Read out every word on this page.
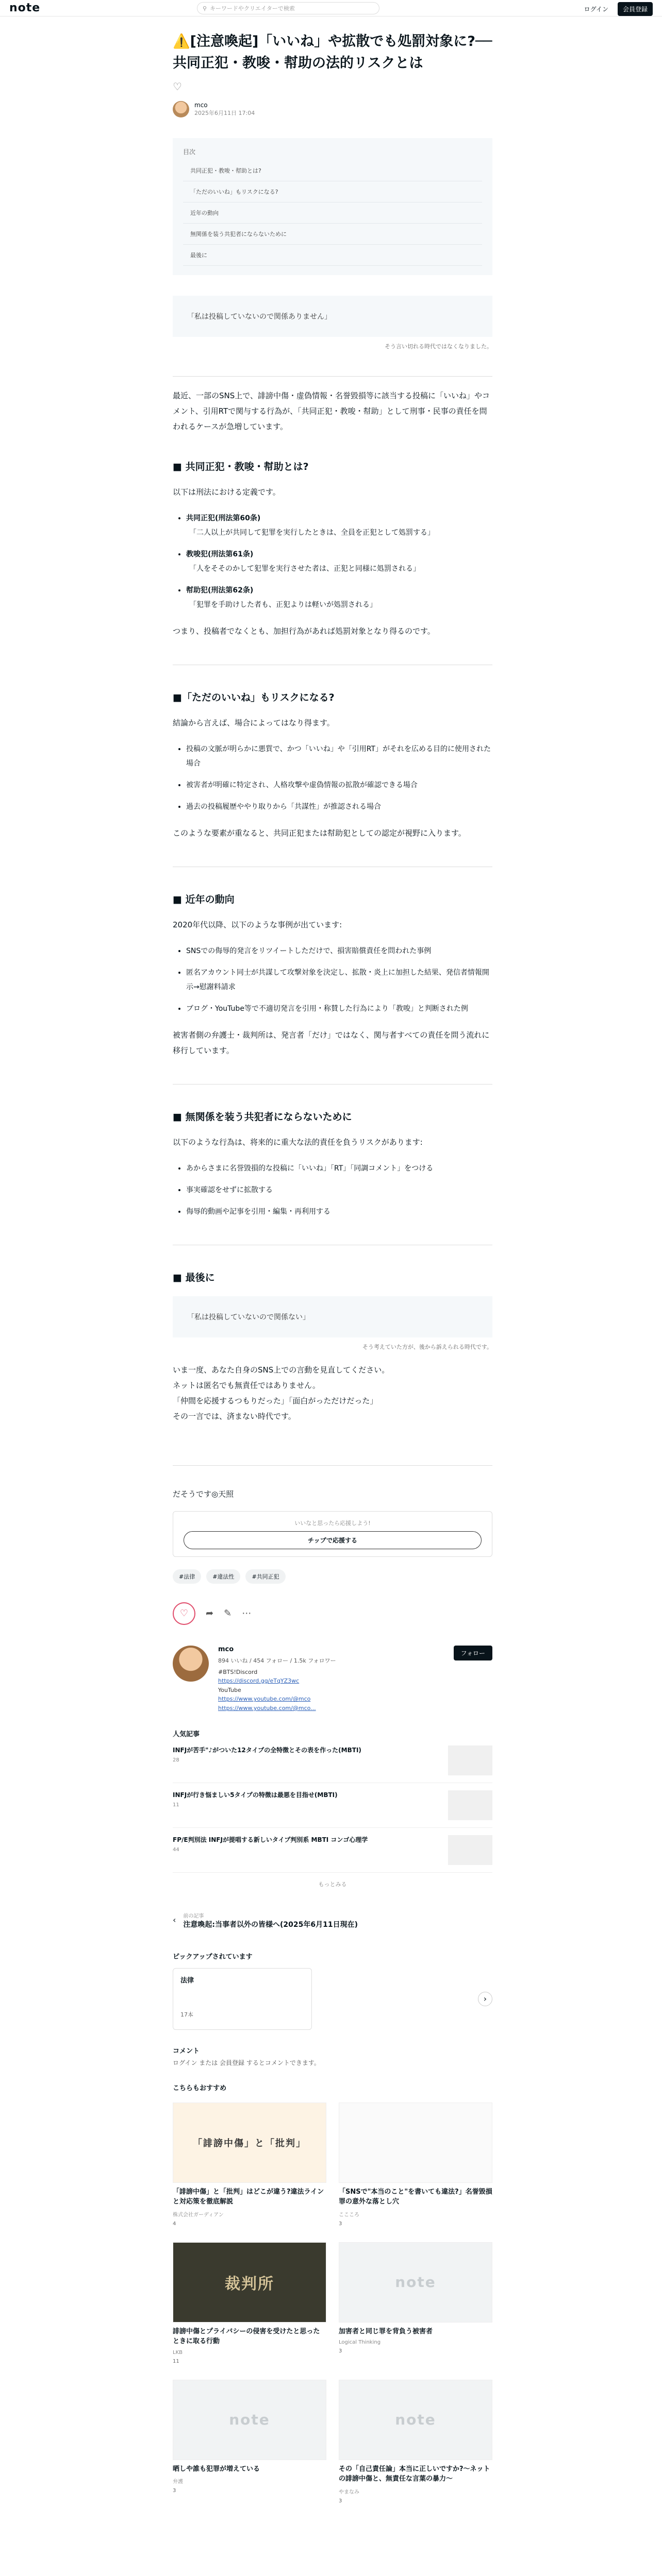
note	⚲ キーワードやクリエイターで検索	ログイン	会員登録
⚠️[注意喚起]「いいね」や拡散でも処罰対象に?──共同正犯・教唆・幇助の法的リスクとは
♡
mco
2025年6月11日 17:04
目次
共同正犯・教唆・幇助とは?
「ただのいいね」もリスクになる?
近年の動向
無関係を装う共犯者にならないために
最後に
「私は投稿していないので関係ありません」
そう言い切れる時代ではなくなりました。

最近、一部のSNS上で、誹謗中傷・虚偽情報・名誉毀損等に該当する投稿に「いいね」やコメント、引用RTで関与する行為が、「共同正犯・教唆・幇助」として刑事・民事の責任を問われるケースが急増しています。

■ 共同正犯・教唆・幇助とは?

以下は刑法における定義です。

• 共同正犯(刑法第60条)
「二人以上が共同して犯罪を実行したときは、全員を正犯として処罰する」
• 教唆犯(刑法第61条)
「人をそそのかして犯罪を実行させた者は、正犯と同様に処罰される」
• 幇助犯(刑法第62条)
「犯罪を手助けした者も、正犯よりは軽いが処罰される」

つまり、投稿者でなくとも、加担行為があれば処罰対象となり得るのです。

■「ただのいいね」もリスクになる?

結論から言えば、場合によってはなり得ます。

• 投稿の文脈が明らかに悪質で、かつ「いいね」や「引用RT」がそれを広める目的に使用された場合
• 被害者が明確に特定され、人格攻撃や虚偽情報の拡散が確認できる場合
• 過去の投稿履歴ややり取りから「共謀性」が推認される場合

このような要素が重なると、共同正犯または幇助犯としての認定が視野に入ります。

■ 近年の動向

2020年代以降、以下のような事例が出ています:

• SNSでの侮辱的発言をリツイートしただけで、損害賠償責任を問われた事例
• 匿名アカウント同士が共謀して攻撃対象を決定し、拡散・炎上に加担した結果、発信者情報開示→慰謝料請求
• ブログ・YouTube等で不適切発言を引用・称賛した行為により「教唆」と判断された例

被害者側の弁護士・裁判所は、発言者「だけ」ではなく、関与者すべての責任を問う流れに移行しています。

■ 無関係を装う共犯者にならないために

以下のような行為は、将来的に重大な法的責任を負うリスクがあります:

• あからさまに名誉毀損的な投稿に「いいね」「RT」「同調コメント」をつける
• 事実確認をせずに拡散する
• 侮辱的動画や記事を引用・編集・再利用する
■ 最後に
「私は投稿していないので関係ない」
そう考えていた方が、後から訴えられる時代です。

いま一度、あなた自身のSNS上での言動を見直してください。
ネットは匿名でも無責任ではありません。
「仲間を応援するつもりだった」「面白がっただけだった」
その一言では、済まない時代です。

だそうです◎天照

いいなと思ったら応援しよう!
チップで応援する
#法律	#違法性	#共同正犯
♡	➦ ✎ ⋯
mco
894 いいね / 454 フォロー / 1.5k フォロワー
#BTS!Discord
https://discord.gg/eTqYZ3wc
YouTube
https://www.youtube.com/@mco
https://www.youtube.com/@mco...
フォロー
人気記事
INFJが苦手"♪がついた12タイプの全特徴とその表を作った(MBTI)
28
INFJが行き悩ましい5タイプの特徴は最悪を目指せ(MBTI)
11
FP/E判別法 INFJが提唱する新しいタイプ判別系 MBTI コンゴ心理学
44
もっとみる
‹ 前の記事
注意喚起:当事者以外の皆様へ(2025年6月11日現在)
ピックアップされています
法律
17本
›
コメント
ログイン または 会員登録 するとコメントできます。
こちらもおすすめ
「誹謗中傷」と「批判」
「誹謗中傷」と「批判」はどこが違う?違法ラインと対応策を徹底解説
株式会社ガーディアン
4
「SNSで"本当のこと"を書いても違法?」名誉毀損罪の意外な落とし穴
ここころ
3
裁判所
誹謗中傷とプライバシーの侵害を受けたと思ったときに取る行動
LKB
11
note
加害者と同じ罪を背負う被害者
Logical Thinking
3
note
晒しや誰も犯罪が増えている
弁護
3
note
その「自己責任論」本当に正しいですか?〜ネットの誹謗中傷と、無責任な言葉の暴力〜
やまなみ
3
